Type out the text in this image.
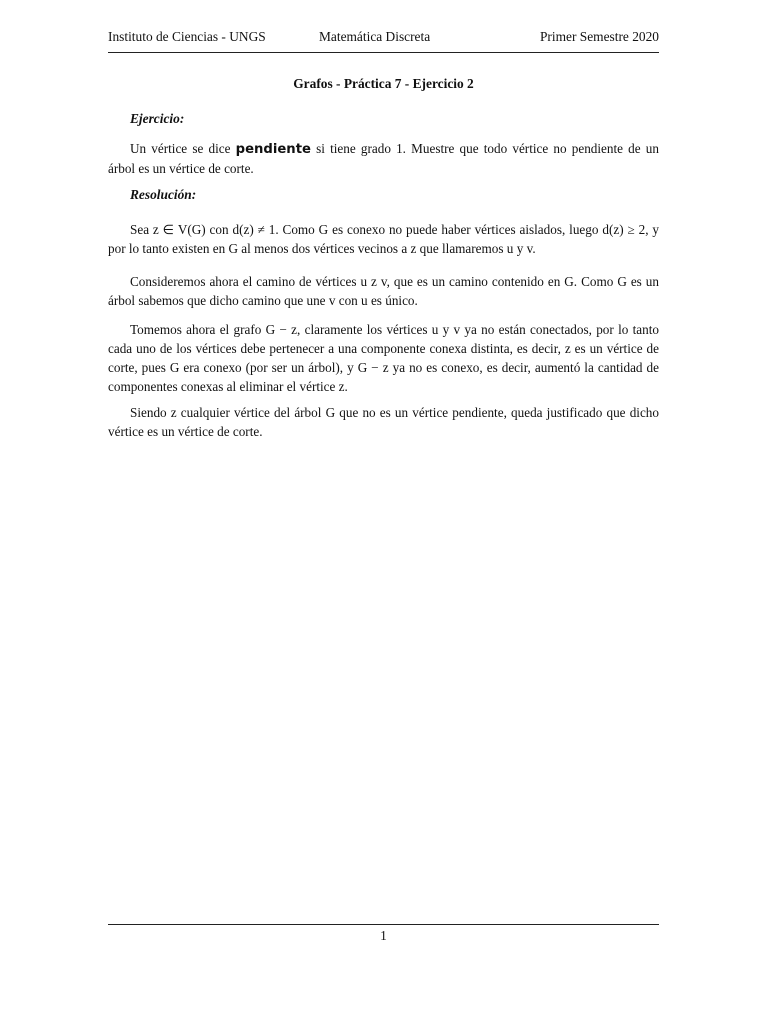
Instituto de Ciencias - UNGS	Matemática Discreta	Primer Semestre 2020
Grafos - Práctica 7 - Ejercicio 2
Ejercicio:
Un vértice se dice pendiente si tiene grado 1. Muestre que todo vértice no pendiente de un árbol es un vértice de corte.
Resolución:
Sea z ∈ V(G) con d(z) ≠ 1. Como G es conexo no puede haber vértices aislados, luego d(z) ≥ 2, y por lo tanto existen en G al menos dos vértices vecinos a z que llamaremos u y v.
Consideremos ahora el camino de vértices u z v, que es un camino contenido en G. Como G es un árbol sabemos que dicho camino que une v con u es único.
Tomemos ahora el grafo G − z, claramente los vértices u y v ya no están conectados, por lo tanto cada uno de los vértices debe pertenecer a una componente conexa distinta, es decir, z es un vértice de corte, pues G era conexo (por ser un árbol), y G − z ya no es conexo, es decir, aumentó la cantidad de componentes conexas al eliminar el vértice z.
Siendo z cualquier vértice del árbol G que no es un vértice pendiente, queda justificado que dicho vértice es un vértice de corte.
1
